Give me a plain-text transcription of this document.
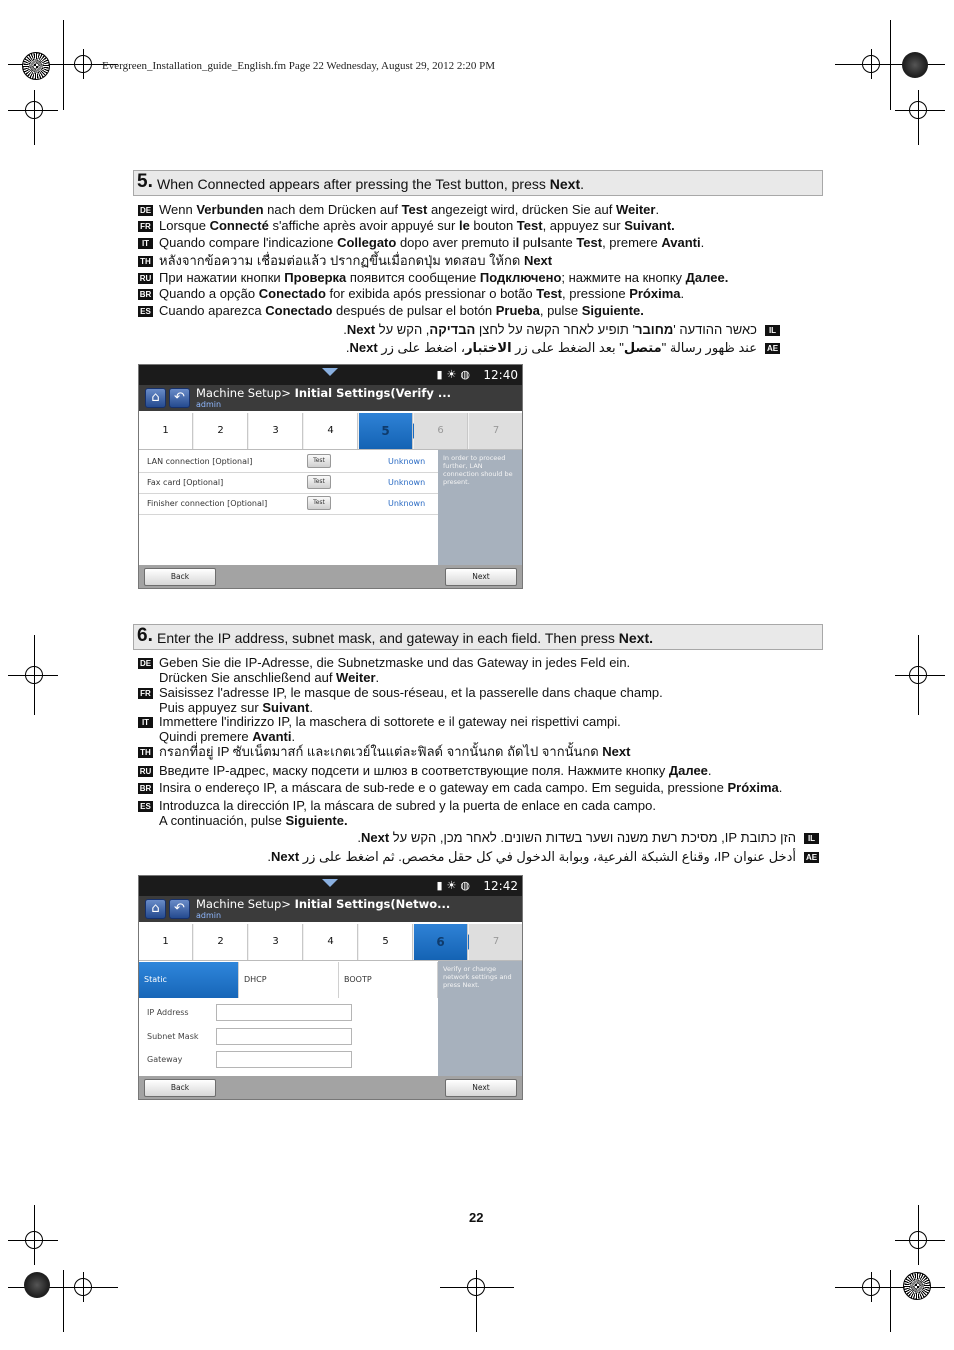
Evergreen_Installation_guide_English.fm Page 22 Wednesday, August 29, 2012 2:20 PM
5. When Connected appears after pressing the Test button, press Next.
DE Wenn Verbunden nach dem Drücken auf Test angezeigt wird, drücken Sie auf Weiter.
FR Lorsque Connecté s'affiche après avoir appuyé sur le bouton Test, appuyez sur Suivant.
IT Quando compare l'indicazione Collegato dopo aver premuto il pulsante Test, premere Avanti.
TH หลังจากข้อความ เชื่อมต่อแล้ว ปรากฏขึ้นเมื่อกดปุ่ม ทดสอบ ให้กด Next
RU При нажатии кнопки Проверка появится сообщение Подключено; нажмите на кнопку Далее.
BR Quando a opção Conectado for exibida após pressionar o botão Test, pressione Próxima.
ES Cuando aparezca Conectado después de pulsar el botón Prueba, pulse Siguiente.
ILכאשר ההודעה 'מחובר' תופיע לאחר הקשה על לחצן הבדיקה, הקש על Next.
AEعند ظهور رسالة "متصل" بعد الضغط على زر الاختبار، اضغط على زر Next.
▮☀◍ 12:40
⌂	↶ Machine Setup> Initial Settings(Verify ...
admin
1	2	3	4	5	6	7
In order to proceed further, LAN connection should be present.
LAN connection [Optional]	Test	Unknown
Fax card [Optional]	Test	Unknown
Finisher connection [Optional]	Test	Unknown
Back	Next
6. Enter the IP address, subnet mask, and gateway in each field. Then press Next.
DE Geben Sie die IP-Adresse, die Subnetzmaske und das Gateway in jedes Feld ein.
Drücken Sie anschließend auf Weiter.
FR Saisissez l'adresse IP, le masque de sous-réseau, et la passerelle dans chaque champ.
Puis appuyez sur Suivant.
IT Immettere l'indirizzo IP, la maschera di sottorete e il gateway nei rispettivi campi.
Quindi premere Avanti.
TH กรอกที่อยู่ IP ซับเน็ตมาสก์ และเกตเวย์ในแต่ละฟิลด์ จากนั้นกด ถัดไป จากนั้นกด Next
RU Введите IP-адрес, маску подсети и шлюз в соответствующие поля. Нажмите кнопку Далее.
BR Insira o endereço IP, a máscara de sub-rede e o gateway em cada campo. Em seguida, pressione Próxima.
ES Introduzca la dirección IP, la máscara de subred y la puerta de enlace en cada campo.
A continuación, pulse Siguiente.
ILהזן כתובת IP, מסיכת רשת משנה ושער בשדות השונים. לאחר מכן, הקש על Next.
AEأدخل عنوان IP، وقناع الشبكة الفرعية، وبوابة الدخول في كل حقل مخصص. ثم اضغط على زر Next.
▮☀◍ 12:42
⌂	↶ Machine Setup> Initial Settings(Netwo...
admin
1	2	3	4	5	6	7
Static	DHCP	BOOTP
Verify or change network settings and press Next.
IP Address
Subnet Mask
Gateway
Back	Next
22
